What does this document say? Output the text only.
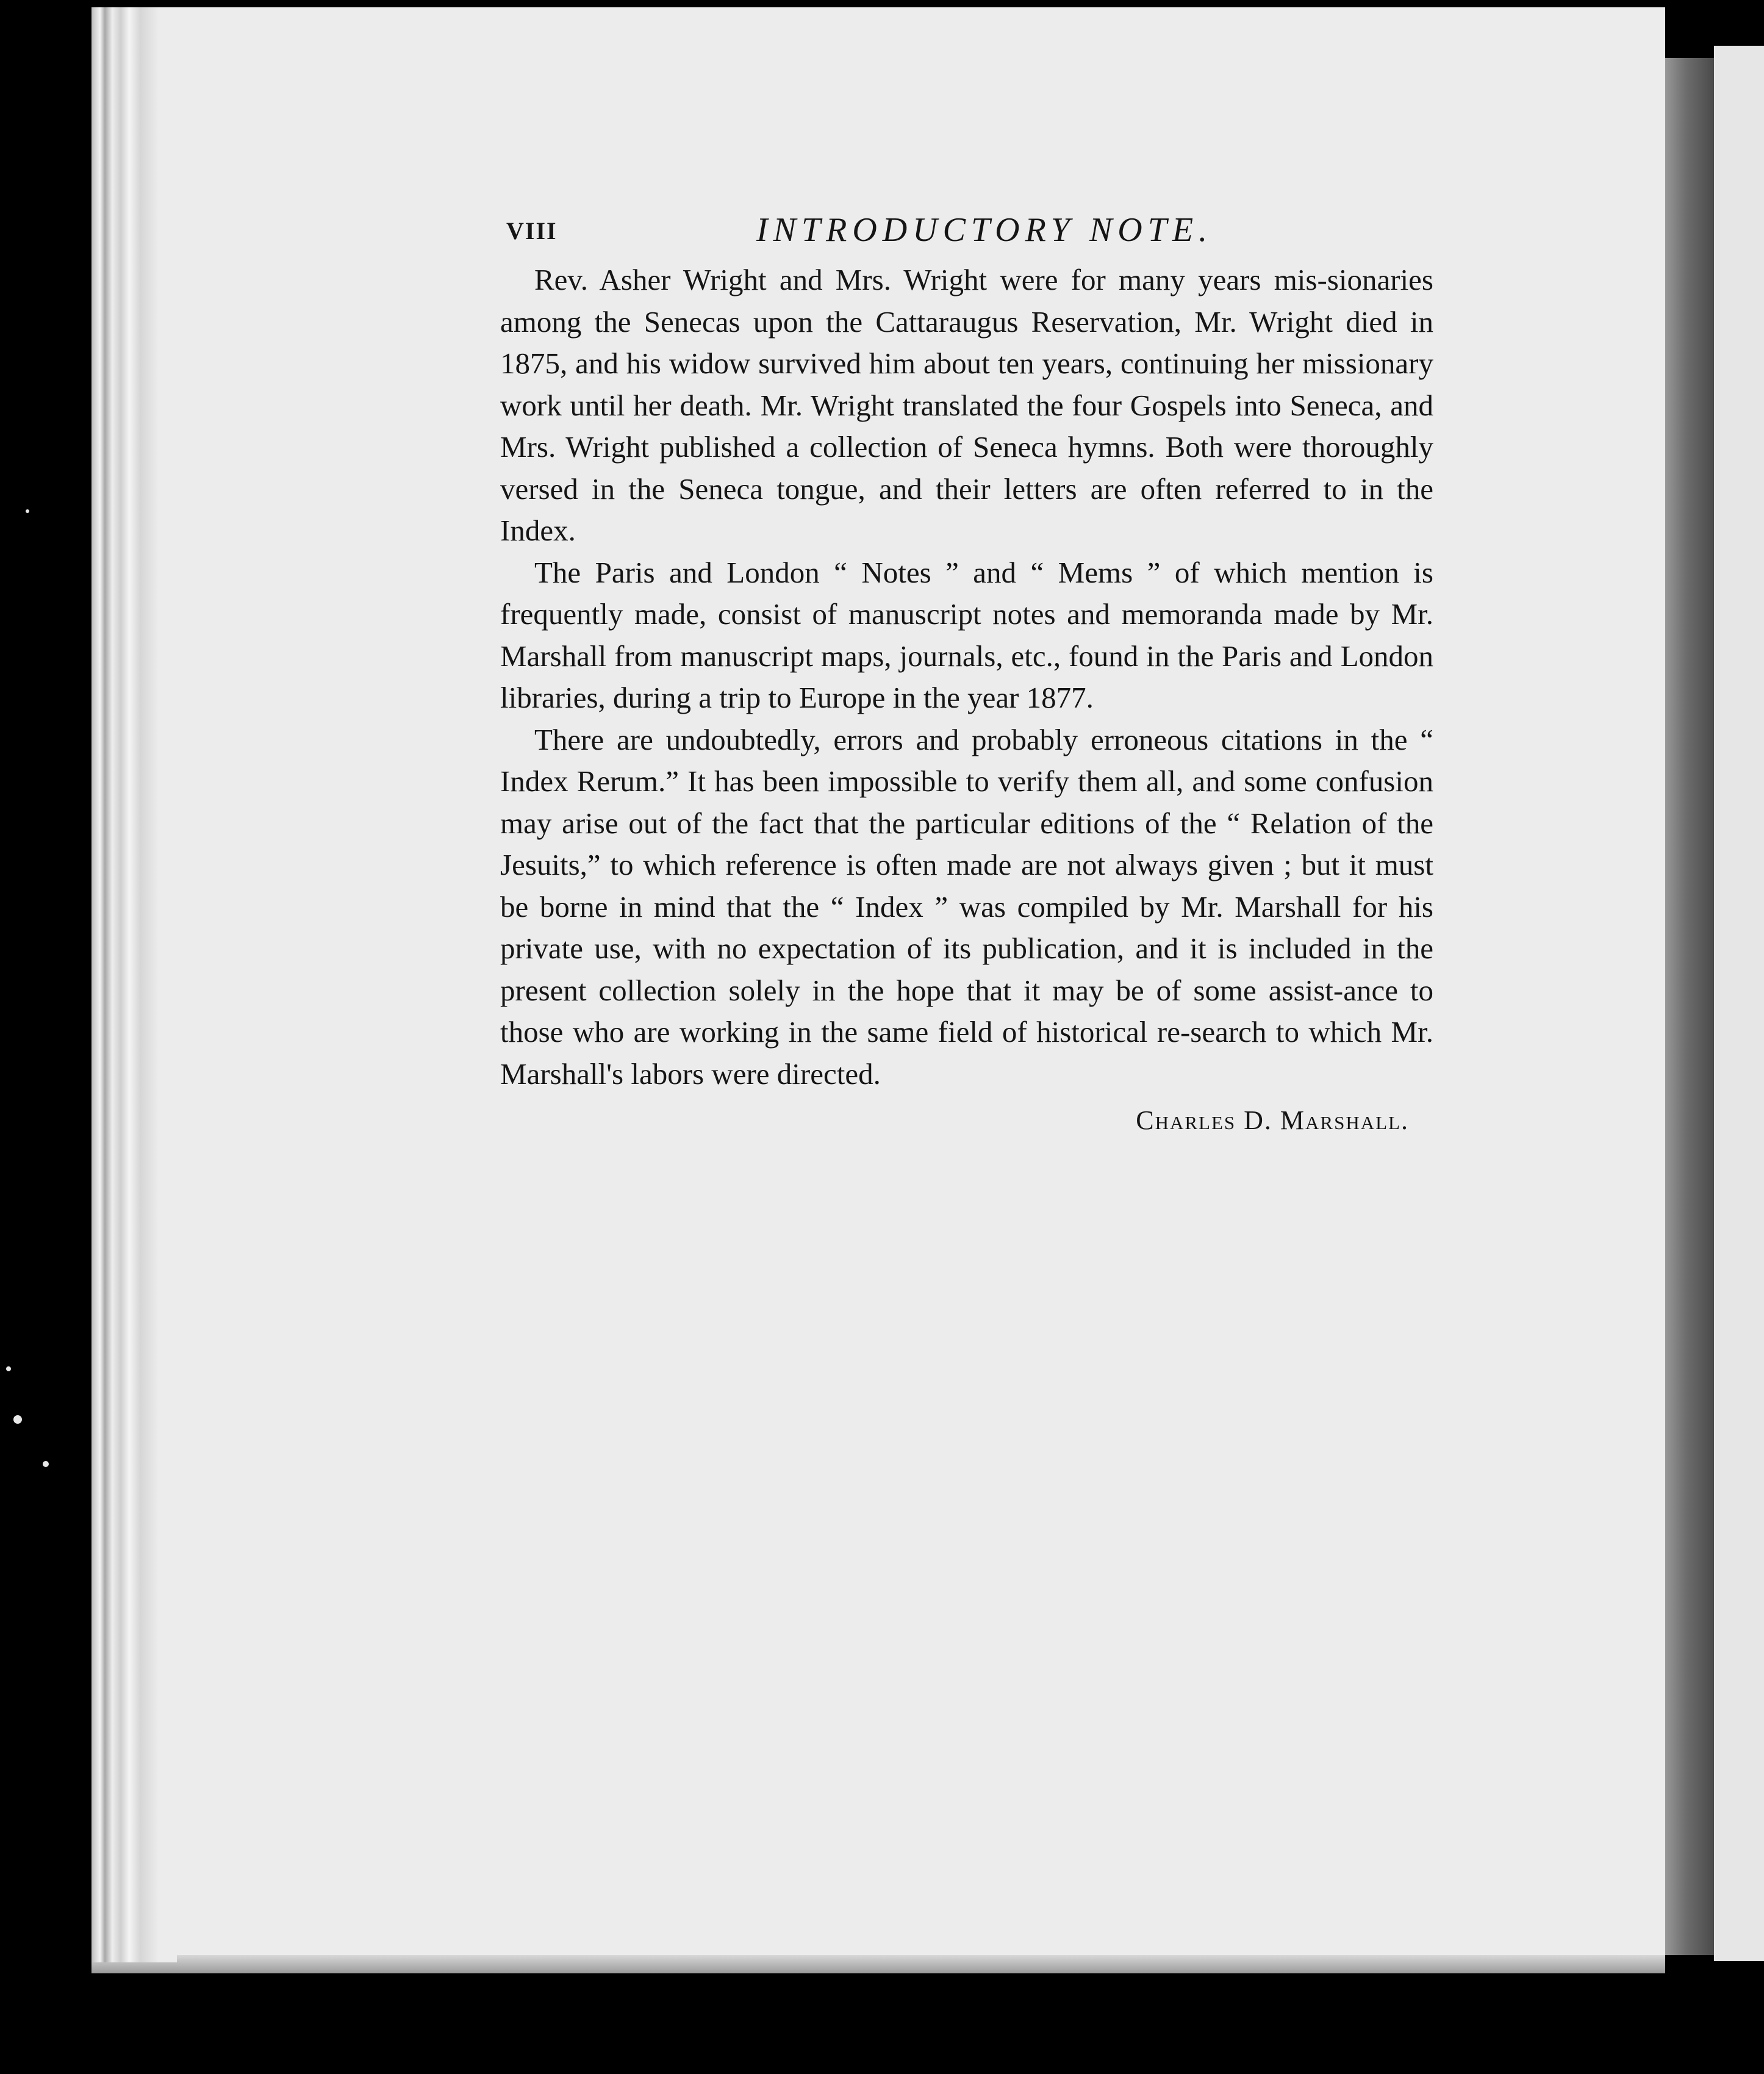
VIII	INTRODUCTORY NOTE.

Rev. Asher Wright and Mrs. Wright were for many years mis-sionaries among the Senecas upon the Cattaraugus Reservation, Mr. Wright died in 1875, and his widow survived him about ten years, continuing her missionary work until her death. Mr. Wright translated the four Gospels into Seneca, and Mrs. Wright published a collection of Seneca hymns. Both were thoroughly versed in the Seneca tongue, and their letters are often referred to in the Index.

The Paris and London “ Notes ” and “ Mems ” of which mention is frequently made, consist of manuscript notes and memoranda made by Mr. Marshall from manuscript maps, journals, etc., found in the Paris and London libraries, during a trip to Europe in the year 1877.

There are undoubtedly, errors and probably erroneous citations in the “ Index Rerum.” It has been impossible to verify them all, and some confusion may arise out of the fact that the particular editions of the “ Relation of the Jesuits,” to which reference is often made are not always given ; but it must be borne in mind that the “ Index ” was compiled by Mr. Marshall for his private use, with no expectation of its publication, and it is included in the present collection solely in the hope that it may be of some assist-ance to those who are working in the same field of historical re-search to which Mr. Marshall's labors were directed.

Charles D. Marshall.
